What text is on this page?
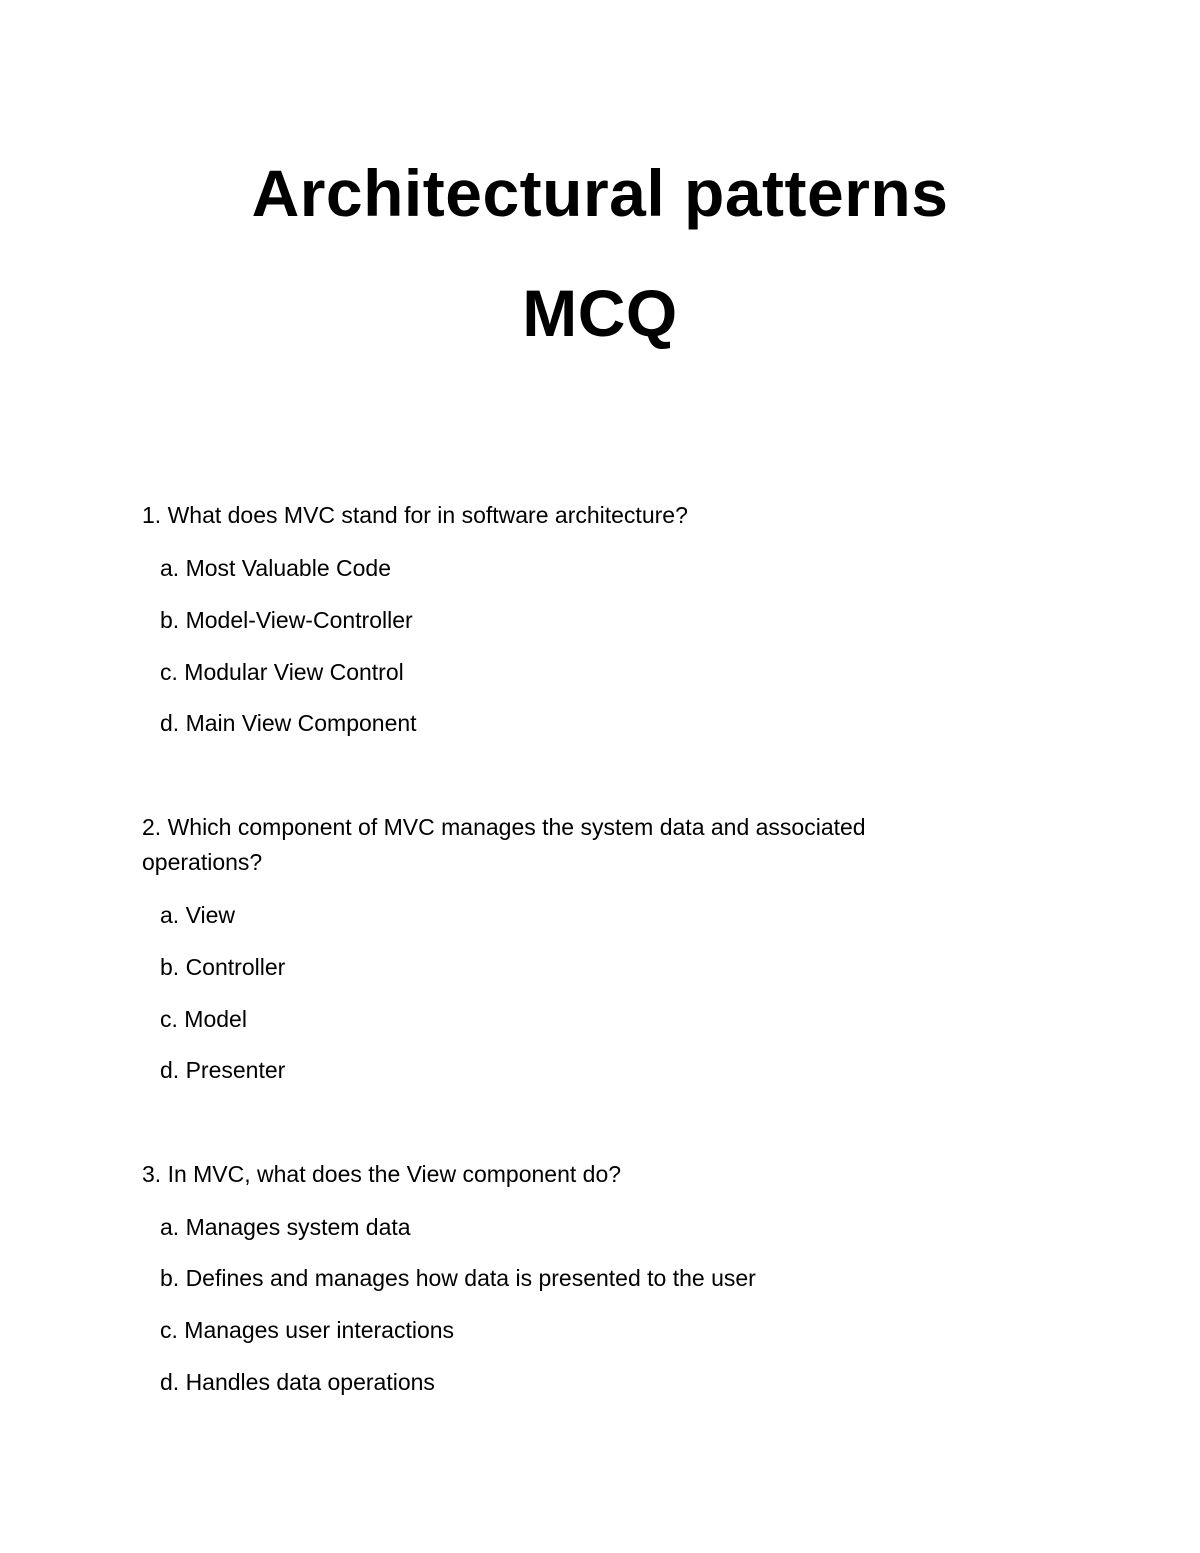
Architectural patterns
MCQ
1. What does MVC stand for in software architecture?
a. Most Valuable Code
b. Model-View-Controller
c. Modular View Control
d. Main View Component
2. Which component of MVC manages the system data and associated operations?
a. View
b. Controller
c. Model
d. Presenter
3. In MVC, what does the View component do?
a. Manages system data
b. Defines and manages how data is presented to the user
c. Manages user interactions
d. Handles data operations
